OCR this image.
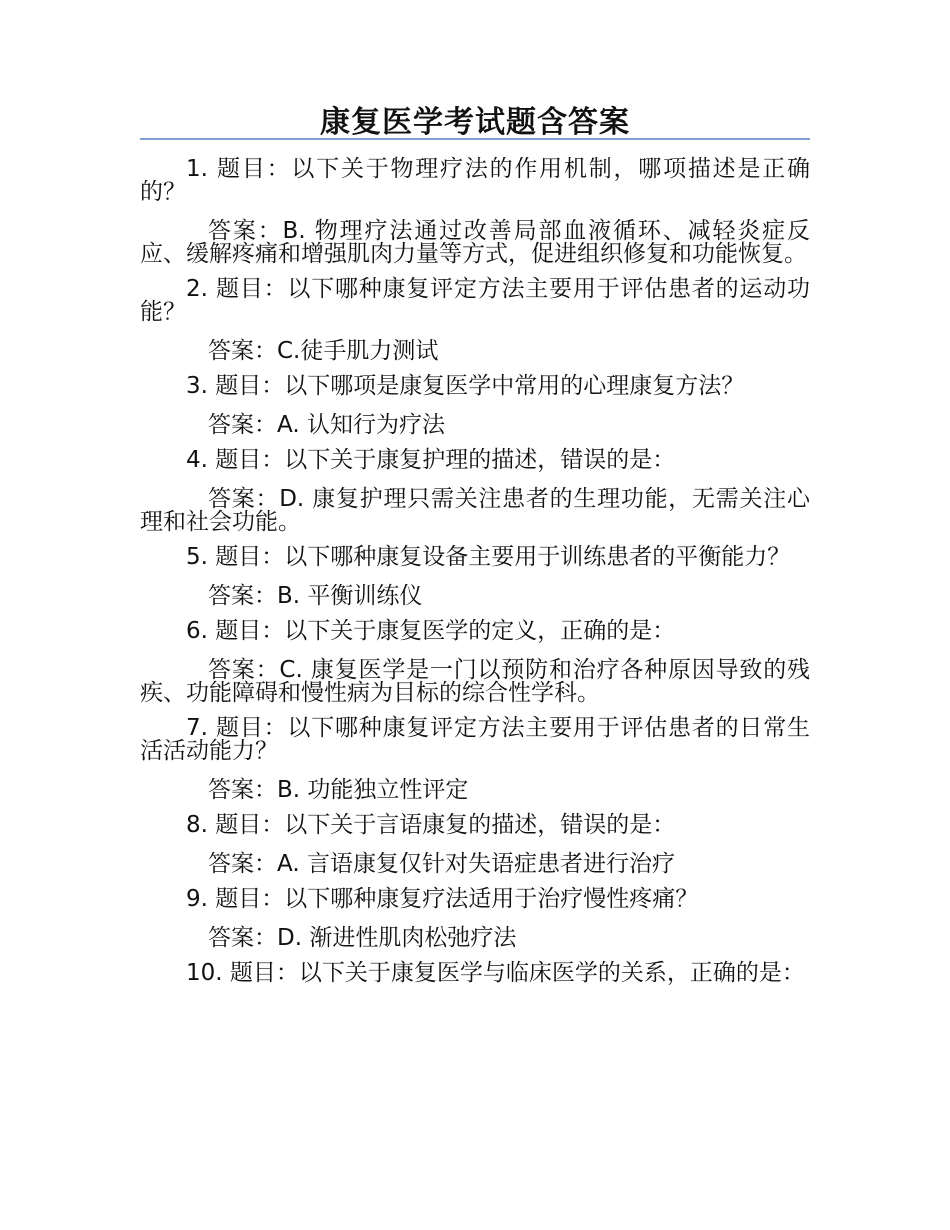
康复医学考试题含答案

1. 题目：以下关于物理疗法的作用机制，哪项描述是正确的？

答案：B. 物理疗法通过改善局部血液循环、减轻炎症反应、缓解疼痛和增强肌肉力量等方式，促进组织修复和功能恢复。

2. 题目：以下哪种康复评定方法主要用于评估患者的运动功能？

答案：C.徒手肌力测试

3. 题目：以下哪项是康复医学中常用的心理康复方法？

答案：A. 认知行为疗法

4. 题目：以下关于康复护理的描述，错误的是：

答案：D. 康复护理只需关注患者的生理功能，无需关注心理和社会功能。

5. 题目：以下哪种康复设备主要用于训练患者的平衡能力？

答案：B. 平衡训练仪

6. 题目：以下关于康复医学的定义，正确的是：

答案：C. 康复医学是一门以预防和治疗各种原因导致的残疾、功能障碍和慢性病为目标的综合性学科。

7. 题目：以下哪种康复评定方法主要用于评估患者的日常生活活动能力？

答案：B. 功能独立性评定

8. 题目：以下关于言语康复的描述，错误的是：

答案：A. 言语康复仅针对失语症患者进行治疗

9. 题目：以下哪种康复疗法适用于治疗慢性疼痛？

答案：D. 渐进性肌肉松弛疗法

10. 题目：以下关于康复医学与临床医学的关系，正确的是：
